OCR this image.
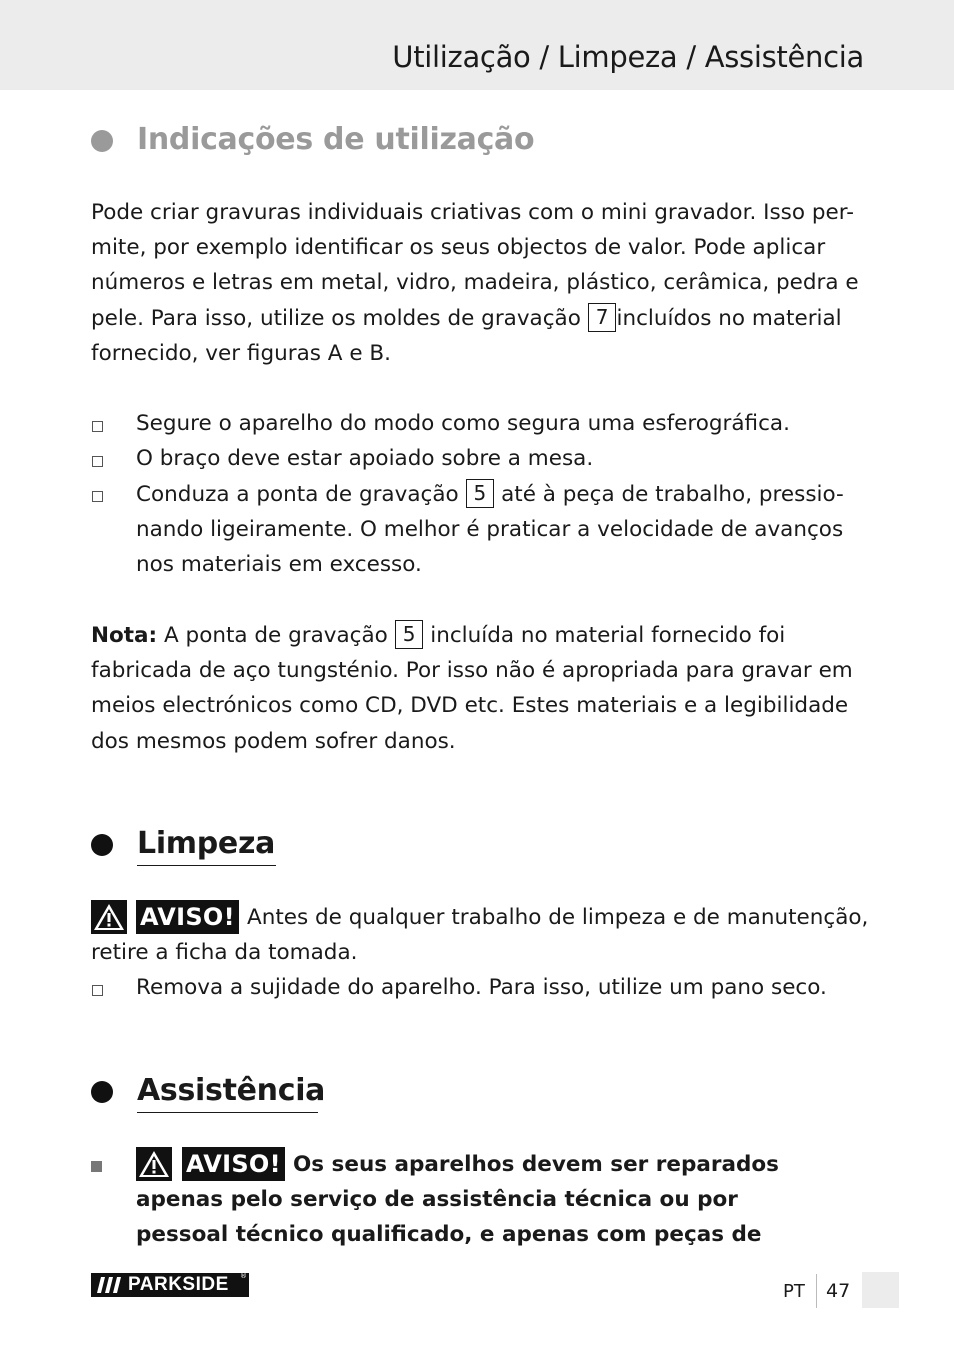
Utilização / Limpeza / Assistência
Indicações de utilização
Pode criar gravuras individuais criativas com o mini gravador. Isso per-
mite, por exemplo identificar os seus objectos de valor. Pode aplicar
números e letras em metal, vidro, madeira, plástico, cerâmica, pedra e
pele. Para isso, utilize os moldes de gravação 7 incluídos no material
fornecido, ver figuras A e B.
Segure o aparelho do modo como segura uma esferográfica.
O braço deve estar apoiado sobre a mesa.
Conduza a ponta de gravação 5 até à peça de trabalho, pressio-
nando ligeiramente. O melhor é praticar a velocidade de avanços
nos materiais em excesso.
Nota: A ponta de gravação 5 incluída no material fornecido foi
fabricada de aço tungsténio. Por isso não é apropriada para gravar em
meios electrónicos como CD, DVD etc. Estes materiais e a legibilidade
dos mesmos podem sofrer danos.
Limpeza
AVISO! Antes de qualquer trabalho de limpeza e de manutenção,
retire a ficha da tomada.
Remova a sujidade do aparelho. Para isso, utilize um pano seco.
Assistência
AVISO! Os seus aparelhos devem ser reparados
apenas pelo serviço de assistência técnica ou por
pessoal técnico qualificado, e apenas com peças de
PARKSIDE ®
PT 47
